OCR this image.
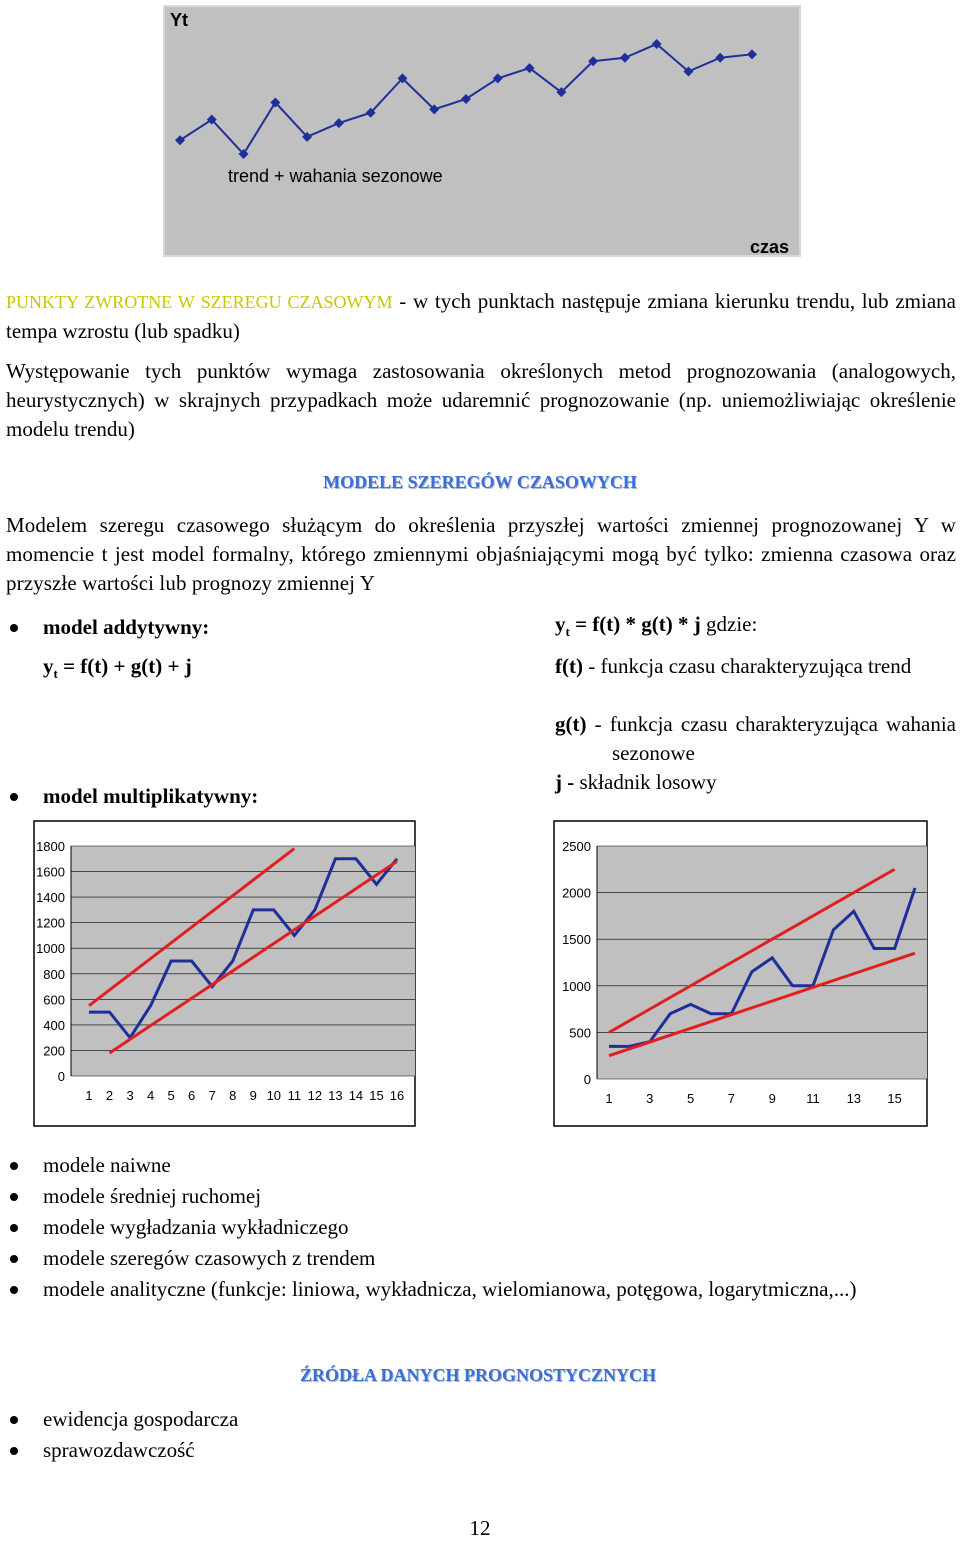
Yt
trend + wahania sezonowe
czas
PUNKTY ZWROTNE W SZEREGU CZASOWYM - w tych punktach następuje zmiana kierunku trendu, lub zmiana tempa wzrostu (lub spadku)
Występowanie tych punktów wymaga zastosowania określonych metod prognozowania (analogowych, heurystycznych) w skrajnych przypadkach może udaremnić prognozowanie (np. uniemożliwiając określenie modelu trendu)
MODELE SZEREGÓW CZASOWYCH
Modelem szeregu czasowego służącym do określenia przyszłej wartości zmiennej prognozowanej Y w momencie t jest model formalny, którego zmiennymi objaśniającymi mogą być tylko: zmienna czasowa oraz przyszłe wartości lub prognozy zmiennej Y
model addytywny:
$y_t = f(t) + g(t) + j$
model multiplikatywny:
$y_t = f(t) * g(t) * j$ gdzie:
f(t) - funkcja czasu charakteryzująca trend
g(t) - funkcja czasu charakteryzująca wahania sezonowe
j - składnik losowy
0
200
400
600
800
1000
1200
1400
1600
1800
1 2 3 4 5 6 7 8 9 10 11 12 13 14 15 16
0
500
1000
1500
2000
2500
1	3	5	7	9 11 13 15
modele naiwne
modele średniej ruchomej
modele wygładzania wykładniczego
modele szeregów czasowych z trendem
modele analityczne (funkcje: liniowa, wykładnicza, wielomianowa, potęgowa, logarytmiczna,...)
ŹRÓDŁA DANYCH PROGNOSTYCZNYCH
ewidencja gospodarcza
sprawozdawczość
12
